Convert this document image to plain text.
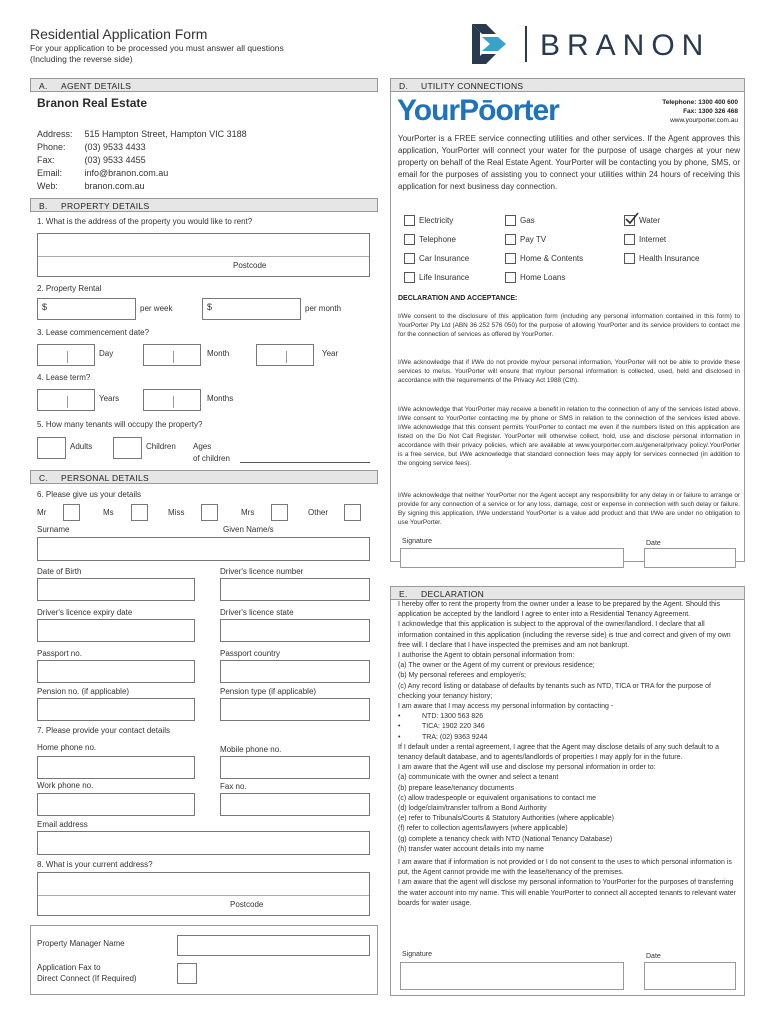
Residential Application Form
For your application to be processed you must answer all questions
(Including the reverse side)	BRANON
A. AGENT DETAILS
Branon Real Estate
Address:	515 Hampton Street, Hampton VIC 3188
Phone:	(03) 9533 4433
Fax:	(03) 9533 4455
Email:	info@branon.com.au
Web:	branon.com.au
B. PROPERTY DETAILS
1. What is the address of the property you would like to rent?
Postcode
2. Property Rental
$	per week	$	per month
3. Lease commencement date?
Day	Month	Year
4. Lease term?
Years	Months
5. How many tenants will occupy the property?
Adults	Children Ages
of children
C. PERSONAL DETAILS
6. Please give us your details
Mr	Ms	Miss	Mrs	Other
Surname	Given Name/s
Date of Birth	Driver's licence number
Driver's licence expiry date	Driver's licence state
Passport no.	Passport country
Pension no. (if applicable)	Pension type (if applicable)
7. Please provide your contact details
Home phone no.	Mobile phone no.
Work phone no.	Fax no.
Email address
8. What is your current address?
Postcode
Property Manager Name
Application Fax to
Direct Connect (If Required)
D. UTILITY CONNECTIONS
YourPōorter	Telephone: 1300 400 600
Fax: 1300 326 468
www.yourporter.com.au
YourPorter is a FREE service connecting utilities and other services. If the Agent approves this application, YourPorter will connect your water for the purpose of usage charges at your new property on behalf of the Real Estate Agent. YourPorter will be contacting you by phone, SMS, or email for the purposes of assisting you to connect your utilities within 24 hours of receiving this application for next business day connection.
Electricity	Gas	Water
Telephone	Pay TV	Internet
Car Insurance	Home & Contents	Health Insurance
Life Insurance	Home Loans
DECLARATION AND ACCEPTANCE:
I/We consent to the disclosure of this application form (including any personal information contained in this form) to YourPorter Pty Ltd (ABN 36 252 576 050) for the purpose of allowing YourPorter and its service providers to contact me for the connection of services as offered by YourPorter.
I/We acknowledge that if I/We do not provide my/our personal information, YourPorter will not be able to provide these services to me/us. YourPorter will ensure that my/our personal information is collected, used, held and disclosed in accordance with the requirements of the Privacy Act 1988 (Cth).
I/We acknowledge that YourPorter may receive a benefit in relation to the connection of any of the services listed above. I/We consent to YourPorter contacting me by phone or SMS in relation to the connection of the services listed above. I/We acknowledge that this consent permits YourPorter to contact me even if the numbers listed on this application are listed on the Do Not Call Register. YourPorter will otherwise collect, hold, use and disclose personal information in accordance with their privacy policies, which are available at www.yourporter.com.au/general/privacy policy/.YourPorter is a free service, but I/We acknowledge that standard connection fees may apply for services connected (in addition to the ongoing service fees).
I/We acknowledge that neither YourPorter nor the Agent accept any responsibility for any delay in or failure to arrange or provide for any connection of a service or for any loss, damage, cost or expense in connection with such delay or failure. By signing this application, I/We understand YourPorter is a value add product and that I/We are under no obligation to use YourPorter.
Signature	Date
E. DECLARATION

I hereby offer to rent the property from the owner under a lease to be prepared by the Agent. Should this application be accepted by the landlord I agree to enter into a Residential Tenancy Agreement.

I acknowledge that this application is subject to the approval of the owner/landlord. I declare that all information contained in this application (including the reverse side) is true and correct and given of my own free will. I declare that I have inspected the premises and am not bankrupt.

I authorise the Agent to obtain personal information from:

(a) The owner or the Agent of my current or previous residence;

(b) My personal referees and employer/s;

(c) Any record listing or database of defaults by tenants such as NTD, TICA or TRA for the purpose of checking your tenancy history;

I am aware that I may access my personal information by contacting -

•	NTD: 1300 563 826

•	TICA: 1902 220 346

•	TRA: (02) 9363 9244

If I default under a rental agreement, I agree that the Agent may disclose details of any such default to a tenancy default database, and to agents/landlords of properties I may apply for in the future.

I am aware that the Agent will use and disclose my personal information in order to:

(a) communicate with the owner and select a tenant

(b) prepare lease/tenancy documents

(c) allow tradespeople or equivalent organisations to contact me

(d) lodge/claim/transfer to/from a Bond Authority

(e) refer to Tribunals/Courts & Statutory Authorities (where applicable)

(f) refer to collection agents/lawyers (where applicable)

(g) complete a tenancy check with NTD (National Tenancy Database)

(h) transfer water account details into my name

I am aware that if information is not provided or I do not consent to the uses to which personal information is put, the Agent cannot provide me with the lease/tenancy of the premises.

I am aware that the agent will disclose my personal information to YourPorter for the purposes of transferring the water account into my name. This will enable YourPorter to connect all accepted tenants to relevant water boards for water usage.

Signature	Date
